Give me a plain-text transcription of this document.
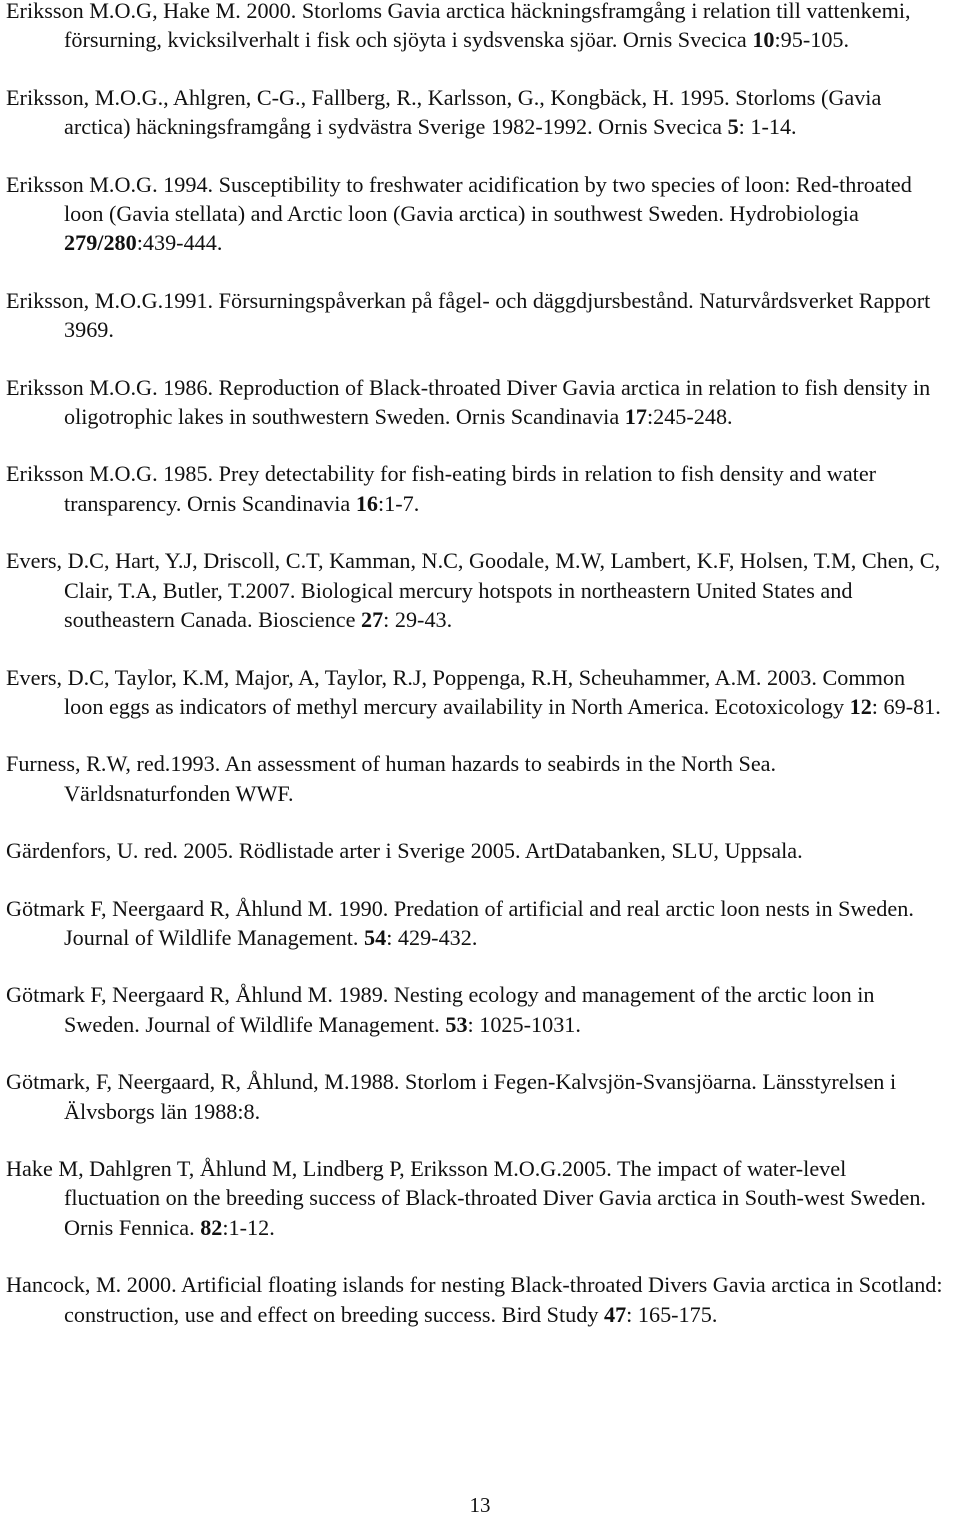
Eriksson M.O.G, Hake M. 2000. Storloms Gavia arctica häckningsframgång i relation till vattenkemi, försurning, kvicksilverhalt i fisk och sjöyta i sydsvenska sjöar. Ornis Svecica 10:95-105.

Eriksson, M.O.G., Ahlgren, C-G., Fallberg, R., Karlsson, G., Kongbäck, H. 1995. Storloms (Gavia arctica) häckningsframgång i sydvästra Sverige 1982-1992. Ornis Svecica 5: 1-14.

Eriksson M.O.G. 1994. Susceptibility to freshwater acidification by two species of loon: Red-throated loon (Gavia stellata) and Arctic loon (Gavia arctica) in southwest Sweden. Hydrobiologia 279/280:439-444.

Eriksson, M.O.G.1991. Försurningspåverkan på fågel- och däggdjursbestånd. Naturvårdsverket Rapport 3969.

Eriksson M.O.G. 1986. Reproduction of Black-throated Diver Gavia arctica in relation to fish density in oligotrophic lakes in southwestern Sweden. Ornis Scandinavia 17:245-248.

Eriksson M.O.G. 1985. Prey detectability for fish-eating birds in relation to fish density and water transparency. Ornis Scandinavia 16:1-7.

Evers, D.C, Hart, Y.J, Driscoll, C.T, Kamman, N.C, Goodale, M.W, Lambert, K.F, Holsen, T.M, Chen, C, Clair, T.A, Butler, T.2007. Biological mercury hotspots in northeastern United States and southeastern Canada. Bioscience 27: 29-43.

Evers, D.C, Taylor, K.M, Major, A, Taylor, R.J, Poppenga, R.H, Scheuhammer, A.M. 2003. Common loon eggs as indicators of methyl mercury availability in North America. Ecotoxicology 12: 69-81.

Furness, R.W, red.1993. An assessment of human hazards to seabirds in the North Sea. Världsnaturfonden WWF.

Gärdenfors, U. red. 2005. Rödlistade arter i Sverige 2005. ArtDatabanken, SLU, Uppsala.

Götmark F, Neergaard R, Åhlund M. 1990. Predation of artificial and real arctic loon nests in Sweden. Journal of Wildlife Management. 54: 429-432.

Götmark F, Neergaard R, Åhlund M. 1989. Nesting ecology and management of the arctic loon in Sweden. Journal of Wildlife Management. 53: 1025-1031.

Götmark, F, Neergaard, R, Åhlund, M.1988. Storlom i Fegen-Kalvsjön-Svansjöarna. Länsstyrelsen i Älvsborgs län 1988:8.

Hake M, Dahlgren T, Åhlund M, Lindberg P, Eriksson M.O.G.2005. The impact of water-level fluctuation on the breeding success of Black-throated Diver Gavia arctica in South-west Sweden. Ornis Fennica. 82:1-12.

Hancock, M. 2000. Artificial floating islands for nesting Black-throated Divers Gavia arctica in Scotland: construction, use and effect on breeding success. Bird Study 47: 165-175.

13
